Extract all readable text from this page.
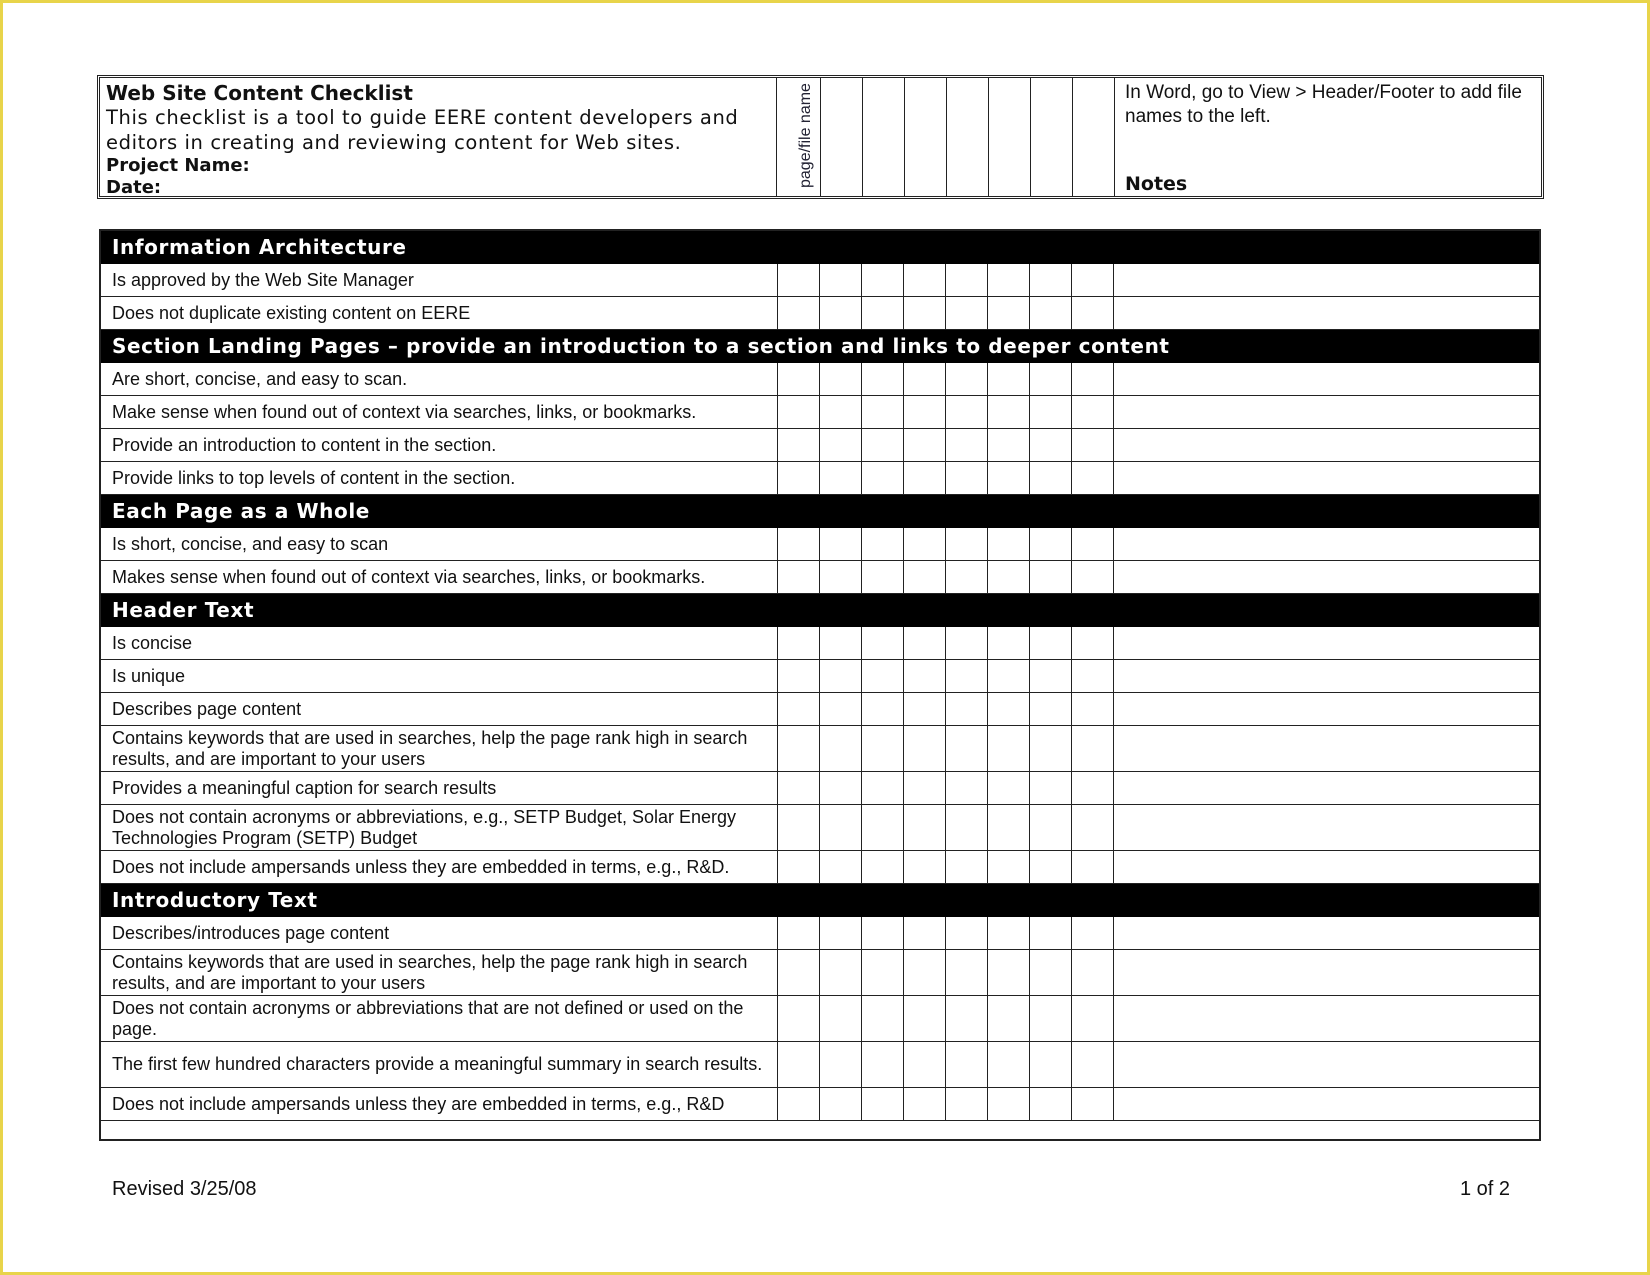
Web Site Content Checklist
This checklist is a tool to guide EERE content developers and editors in creating and reviewing content for Web sites.
Project Name:
Date:	page/file name	In Word, go to View > Header/Footer to add file names to the left.
Notes
Information Architecture									
Is approved by the Web Site Manager									
Does not duplicate existing content on EERE									
Section Landing Pages – provide an introduction to a section and links to deeper content									
Are short, concise, and easy to scan.									
Make sense when found out of context via searches, links, or bookmarks.									
Provide an introduction to content in the section.									
Provide links to top levels of content in the section.									
Each Page as a Whole									
Is short, concise, and easy to scan									
Makes sense when found out of context via searches, links, or bookmarks.									
Header Text									
Is concise									
Is unique									
Describes page content									
Contains keywords that are used in searches, help the page rank high in search results, and are important to your users									
Provides a meaningful caption for search results									
Does not contain acronyms or abbreviations, e.g., SETP Budget, Solar Energy Technologies Program (SETP) Budget									
Does not include ampersands unless they are embedded in terms, e.g., R&D.									
Introductory Text									
Describes/introduces page content									
Contains keywords that are used in searches, help the page rank high in search results, and are important to your users									
Does not contain acronyms or abbreviations that are not defined or used on the page.									
The first few hundred characters provide a meaningful summary in search results.									
Does not include ampersands unless they are embedded in terms, e.g., R&D									
Revised 3/25/08	1 of 2
